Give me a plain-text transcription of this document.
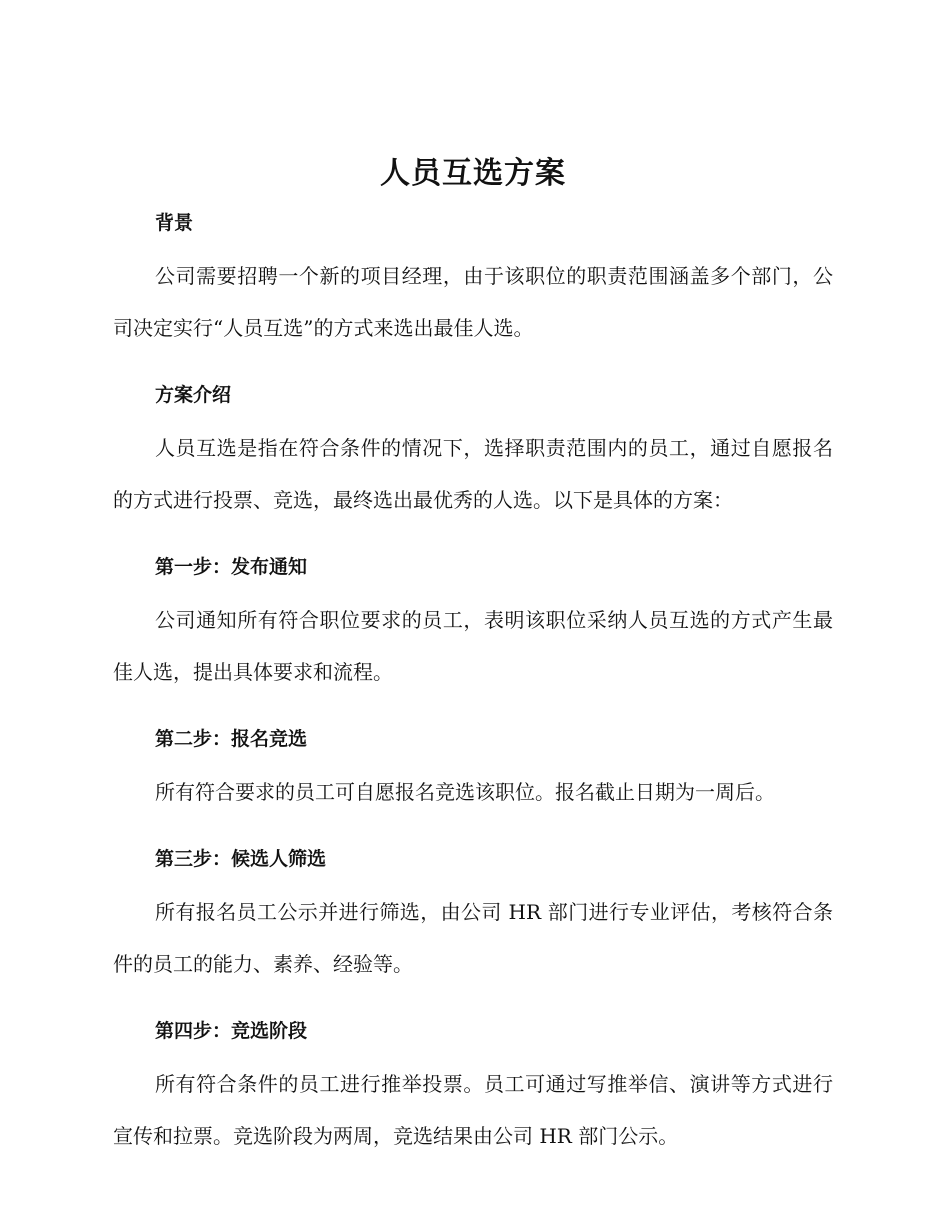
人员互选方案
背景

公司需要招聘一个新的项目经理，由于该职位的职责范围涵盖多个部门，公司决定实行“人员互选”的方式来选出最佳人选。

方案介绍

人员互选是指在符合条件的情况下，选择职责范围内的员工，通过自愿报名的方式进行投票、竞选，最终选出最优秀的人选。以下是具体的方案：

第一步：发布通知

公司通知所有符合职位要求的员工，表明该职位采纳人员互选的方式产生最佳人选，提出具体要求和流程。

第二步：报名竞选

所有符合要求的员工可自愿报名竞选该职位。报名截止日期为一周后。

第三步：候选人筛选

所有报名员工公示并进行筛选，由公司 HR 部门进行专业评估，考核符合条件的员工的能力、素养、经验等。

第四步：竞选阶段

所有符合条件的员工进行推举投票。员工可通过写推举信、演讲等方式进行宣传和拉票。竞选阶段为两周，竞选结果由公司 HR 部门公示。
